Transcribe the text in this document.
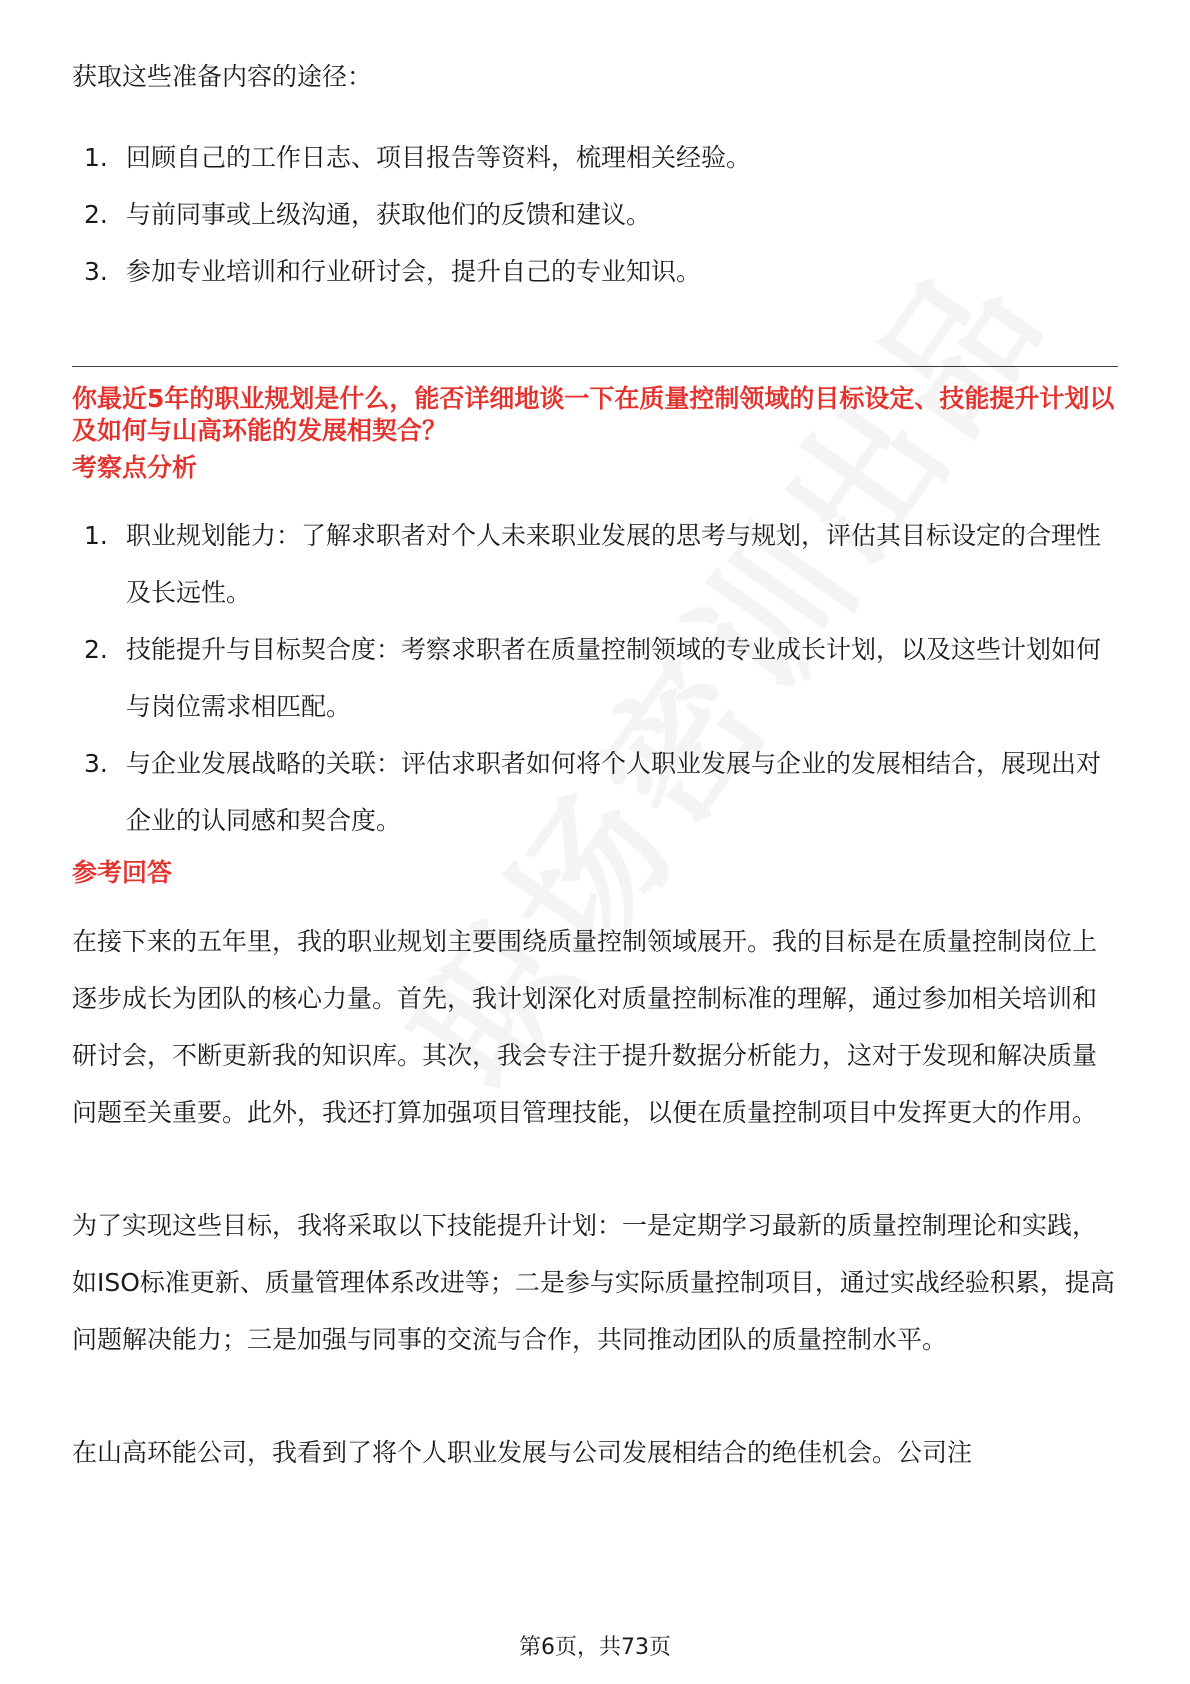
获取这些准备内容的途径：

1. 回顾自己的工作日志、项目报告等资料，梳理相关经验。
2. 与前同事或上级沟通，获取他们的反馈和建议。
3. 参加专业培训和行业研讨会，提升自己的专业知识。

你最近5年的职业规划是什么，能否详细地谈一下在质量控制领域的目标设定、技能提升计划以及如何与山高环能的发展相契合？

考察点分析

1. 职业规划能力：了解求职者对个人未来职业发展的思考与规划，评估其目标设定的合理性及长远性。
2. 技能提升与目标契合度：考察求职者在质量控制领域的专业成长计划，以及这些计划如何与岗位需求相匹配。
3. 与企业发展战略的关联：评估求职者如何将个人职业发展与企业的发展相结合，展现出对企业的认同感和契合度。

参考回答

在接下来的五年里，我的职业规划主要围绕质量控制领域展开。我的目标是在质量控制岗位上逐步成长为团队的核心力量。首先，我计划深化对质量控制标准的理解，通过参加相关培训和研讨会，不断更新我的知识库。其次，我会专注于提升数据分析能力，这对于发现和解决质量问题至关重要。此外，我还打算加强项目管理技能，以便在质量控制项目中发挥更大的作用。

为了实现这些目标，我将采取以下技能提升计划：一是定期学习最新的质量控制理论和实践，如ISO标准更新、质量管理体系改进等；二是参与实际质量控制项目，通过实战经验积累，提高问题解决能力；三是加强与同事的交流与合作，共同推动团队的质量控制水平。

在山高环能公司，我看到了将个人职业发展与公司发展相结合的绝佳机会。公司注

第6页，共73页
